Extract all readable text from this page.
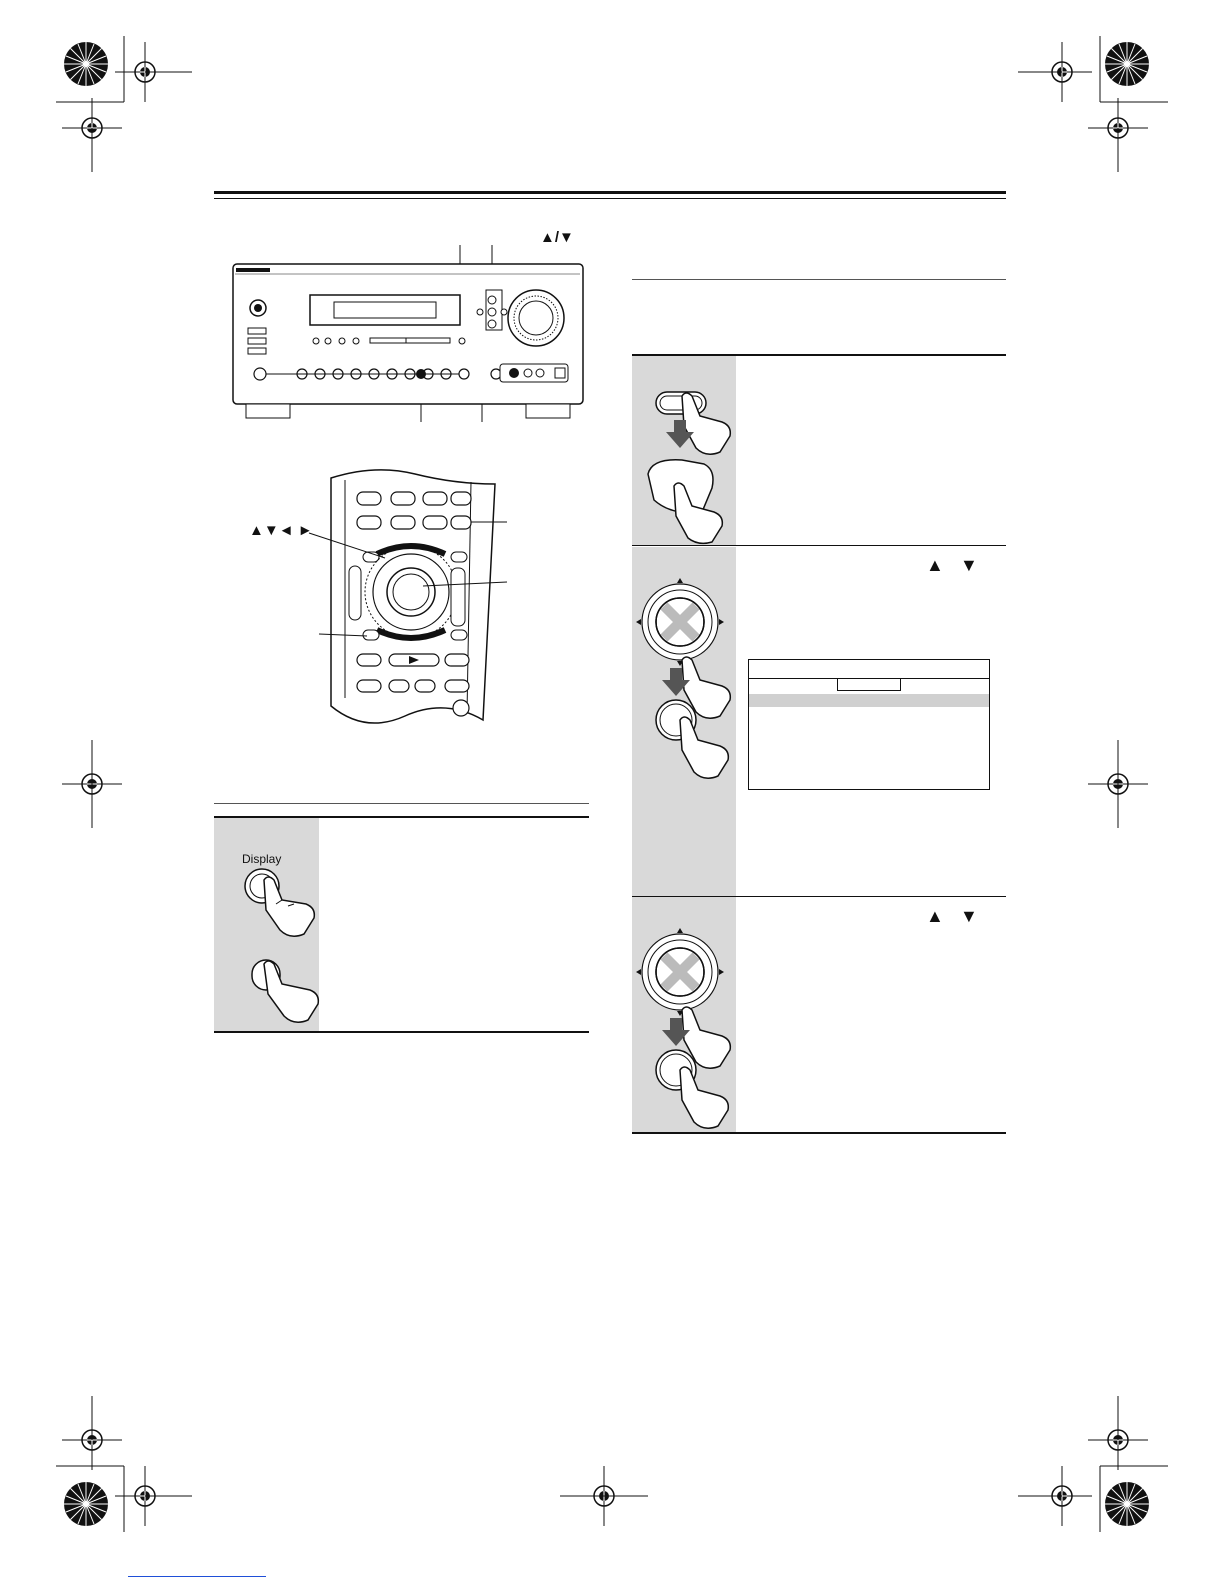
▲/▼
▲▼◄ ►
Display
▲ ▼
▲ ▼
